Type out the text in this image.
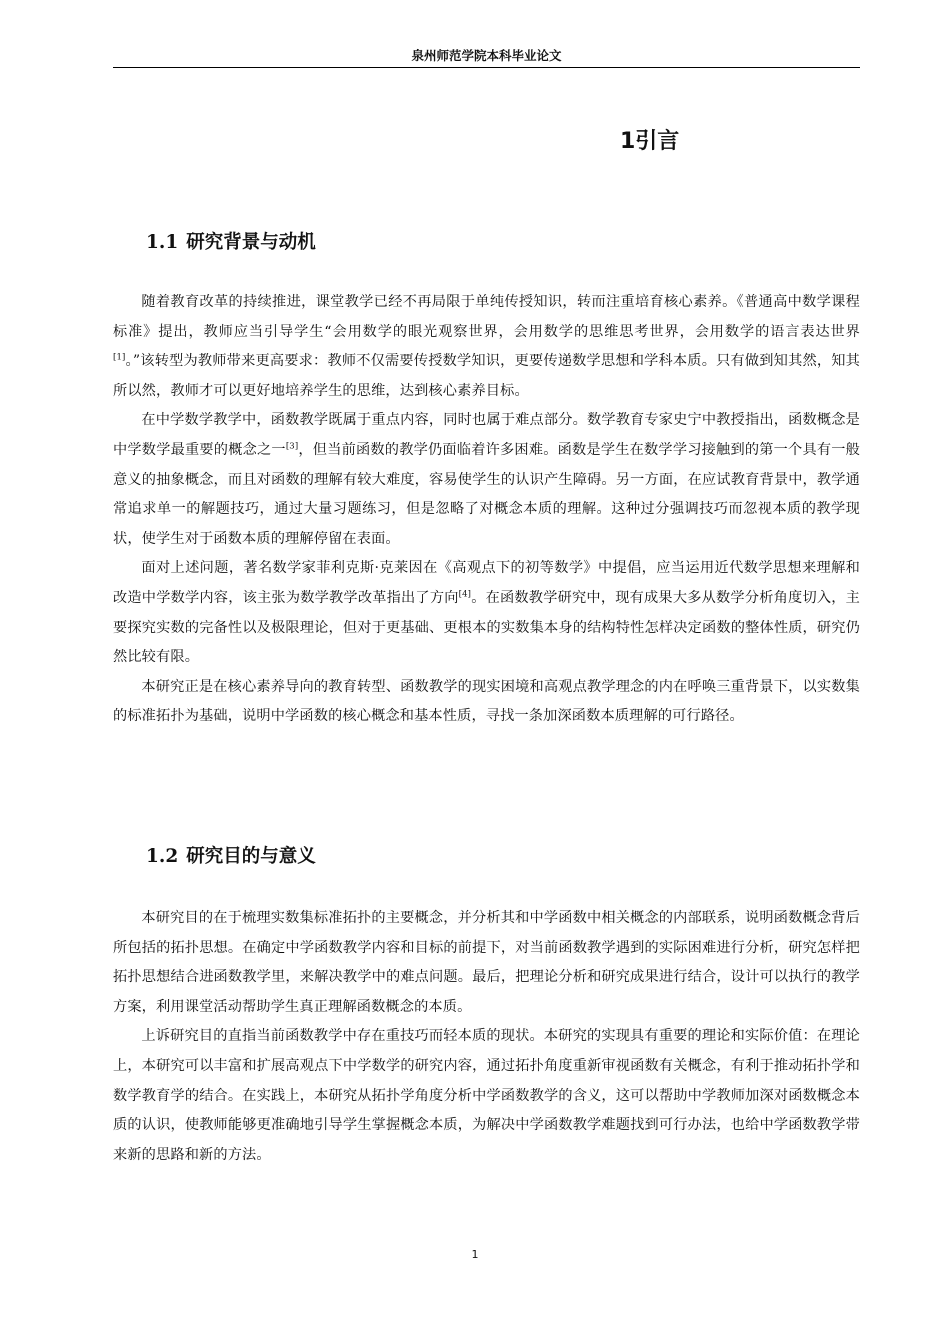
泉州师范学院本科毕业论文
1引言
1.1 研究背景与动机

随着教育改革的持续推进，课堂教学已经不再局限于单纯传授知识，转而注重培育核心素养。《普通高中数学课程标准》提出，教师应当引导学生“会用数学的眼光观察世界，会用数学的思维思考世界，会用数学的语言表达世界[1]。”该转型为教师带来更高要求：教师不仅需要传授数学知识，更要传递数学思想和学科本质。只有做到知其然，知其所以然，教师才可以更好地培养学生的思维，达到核心素养目标。

在中学数学教学中，函数教学既属于重点内容，同时也属于难点部分。数学教育专家史宁中教授指出，函数概念是中学数学最重要的概念之一[3]，但当前函数的教学仍面临着许多困难。函数是学生在数学学习接触到的第一个具有一般意义的抽象概念，而且对函数的理解有较大难度，容易使学生的认识产生障碍。另一方面，在应试教育背景中，教学通常追求单一的解题技巧，通过大量习题练习，但是忽略了对概念本质的理解。这种过分强调技巧而忽视本质的教学现状，使学生对于函数本质的理解停留在表面。

面对上述问题，著名数学家菲利克斯·克莱因在《高观点下的初等数学》中提倡，应当运用近代数学思想来理解和改造中学数学内容，该主张为数学教学改革指出了方向[4]。在函数教学研究中，现有成果大多从数学分析角度切入，主要探究实数的完备性以及极限理论，但对于更基础、更根本的实数集本身的结构特性怎样决定函数的整体性质，研究仍然比较有限。

本研究正是在核心素养导向的教育转型、函数教学的现实困境和高观点教学理念的内在呼唤三重背景下，以实数集的标准拓扑为基础，说明中学函数的核心概念和基本性质，寻找一条加深函数本质理解的可行路径。

1.2 研究目的与意义

本研究目的在于梳理实数集标准拓扑的主要概念，并分析其和中学函数中相关概念的内部联系，说明函数概念背后所包括的拓扑思想。在确定中学函数教学内容和目标的前提下，对当前函数教学遇到的实际困难进行分析，研究怎样把拓扑思想结合进函数教学里，来解决教学中的难点问题。最后，把理论分析和研究成果进行结合，设计可以执行的教学方案，利用课堂活动帮助学生真正理解函数概念的本质。

上诉研究目的直指当前函数教学中存在重技巧而轻本质的现状。本研究的实现具有重要的理论和实际价值：在理论上，本研究可以丰富和扩展高观点下中学数学的研究内容，通过拓扑角度重新审视函数有关概念，有利于推动拓扑学和数学教育学的结合。在实践上，本研究从拓扑学角度分析中学函数教学的含义，这可以帮助中学教师加深对函数概念本质的认识，使教师能够更准确地引导学生掌握概念本质，为解决中学函数教学难题找到可行办法，也给中学函数教学带来新的思路和新的方法。

1
